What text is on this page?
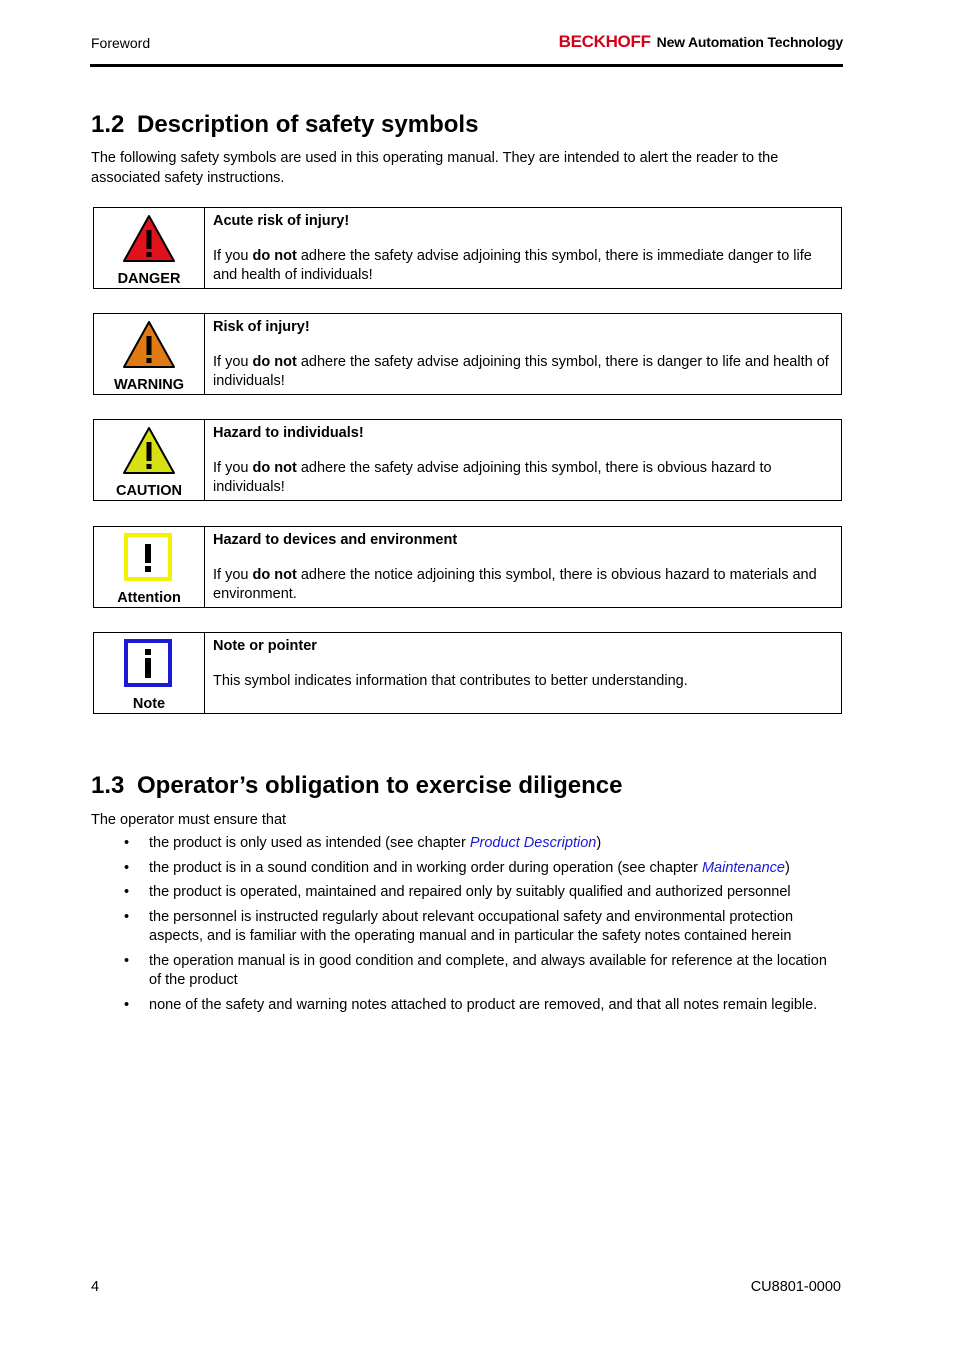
Foreword	BECKHOFF New Automation Technology
1.2 Description of safety symbols

The following safety symbols are used in this operating manual. They are intended to alert the reader to the associated safety instructions.

DANGER
Acute risk of injury!
If you do not adhere the safety advise adjoining this symbol, there is immediate danger to life and health of individuals!
WARNING
Risk of injury!
If you do not adhere the safety advise adjoining this symbol, there is danger to life and health of individuals!
CAUTION
Hazard to individuals!
If you do not adhere the safety advise adjoining this symbol, there is obvious hazard to individuals!
Attention
Hazard to devices and environment
If you do not adhere the notice adjoining this symbol, there is obvious hazard to materials and environment.
Note
Note or pointer
This symbol indicates information that contributes to better understanding.
1.3 Operator’s obligation to exercise diligence

The operator must ensure that

• the product is only used as intended (see chapter Product Description)
• the product is in a sound condition and in working order during operation (see chapter Maintenance)
• the product is operated, maintained and repaired only by suitably qualified and authorized personnel
• the personnel is instructed regularly about relevant occupational safety and environmental protection aspects, and is familiar with the operating manual and in particular the safety notes contained herein
• the operation manual is in good condition and complete, and always available for reference at the location of the product
• none of the safety and warning notes attached to product are removed, and that all notes remain legible.
4	CU8801-0000
